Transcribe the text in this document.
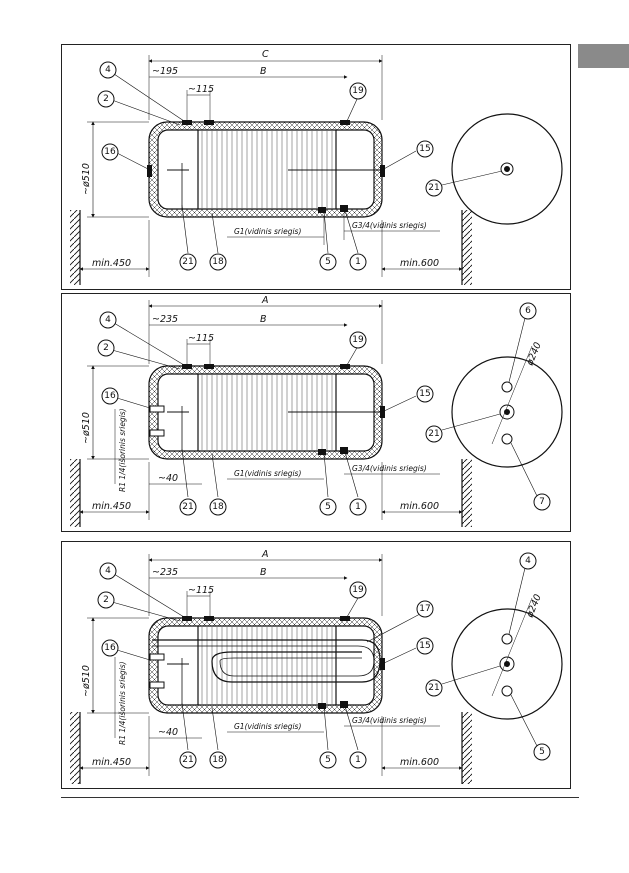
C
~195	B
~115
~ø510
min.450	min.600
G1(vidinis sriegis)
G3/4(vidinis sriegis)
4
2
16
21 18	5	1
15
19
21
A
~235	B
~115
~ø510
min.450	min.600
~40	G1(vidinis sriegis)
G3/4(vidinis sriegis)
R1 1/4(išorinis sriegis)
4
2
16
21 18	5	1
15
19
ø240
6
21
7
A
~235	B
~115
~ø510
min.450	min.600
~40
G1(vidinis sriegis)
G3/4(vidinis sriegis)
R1 1/4(išorinis sriegis)
4
2
16
21 18	5	1
15
19
17	ø240
4
21
5
